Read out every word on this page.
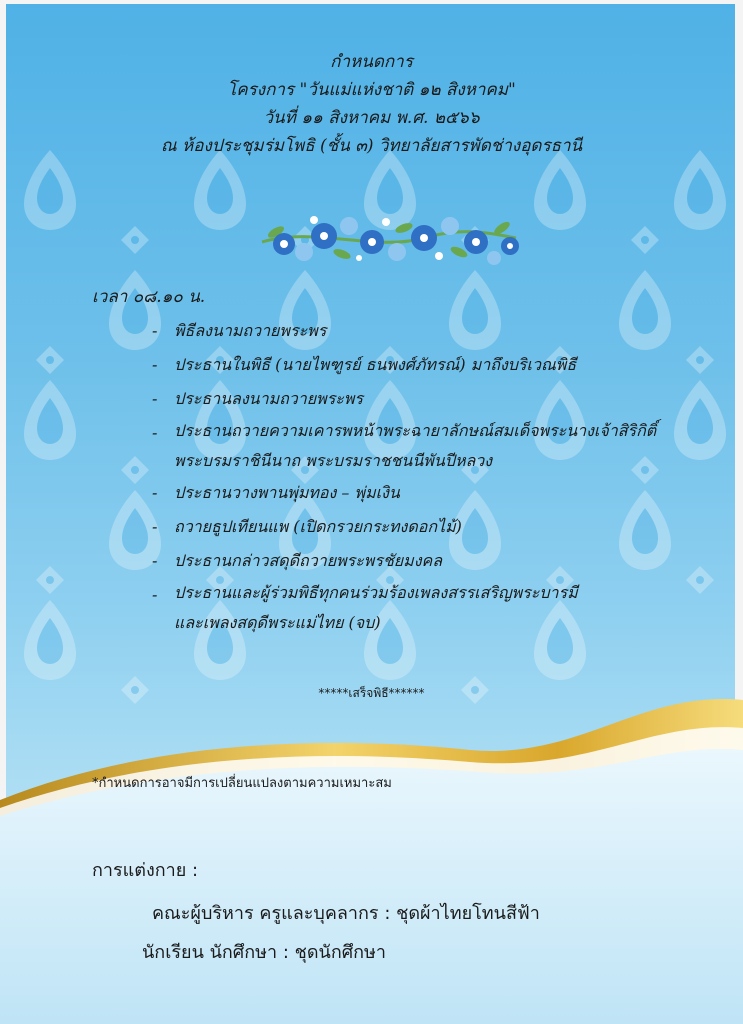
กำหนดการ
โครงการ "วันแม่แห่งชาติ ๑๒ สิงหาคม"
วันที่ ๑๑ สิงหาคม พ.ศ. ๒๕๖๖
ณ ห้องประชุมร่มโพธิ (ชั้น ๓) วิทยาลัยสารพัดช่างอุดรธานี
เวลา ๐๘.๑๐ น.
- พิธีลงนามถวายพระพร
- ประธานในพิธี (นายไพฑูรย์ ธนพงศ์ภัทรณ์) มาถึงบริเวณพิธี
- ประธานลงนามถวายพระพร
- ประธานถวายความเคารพหน้าพระฉายาลักษณ์สมเด็จพระนางเจ้าสิริกิติ์
พระบรมราชินีนาถ พระบรมราชชนนีพันปีหลวง
- ประธานวางพานพุ่มทอง – พุ่มเงิน
- ถวายธูปเทียนแพ (เปิดกรวยกระทงดอกไม้)
- ประธานกล่าวสดุดีถวายพระพรชัยมงคล
- ประธานและผู้ร่วมพิธีทุกคนร่วมร้องเพลงสรรเสริญพระบารมี
และเพลงสดุดีพระแม่ไทย (จบ)
*****เสร็จพิธี******
*กำหนดการอาจมีการเปลี่ยนแปลงตามความเหมาะสม
การแต่งกาย :
คณะผู้บริหาร ครูและบุคลากร : ชุดผ้าไทยโทนสีฟ้า
นักเรียน นักศึกษา : ชุดนักศึกษา
